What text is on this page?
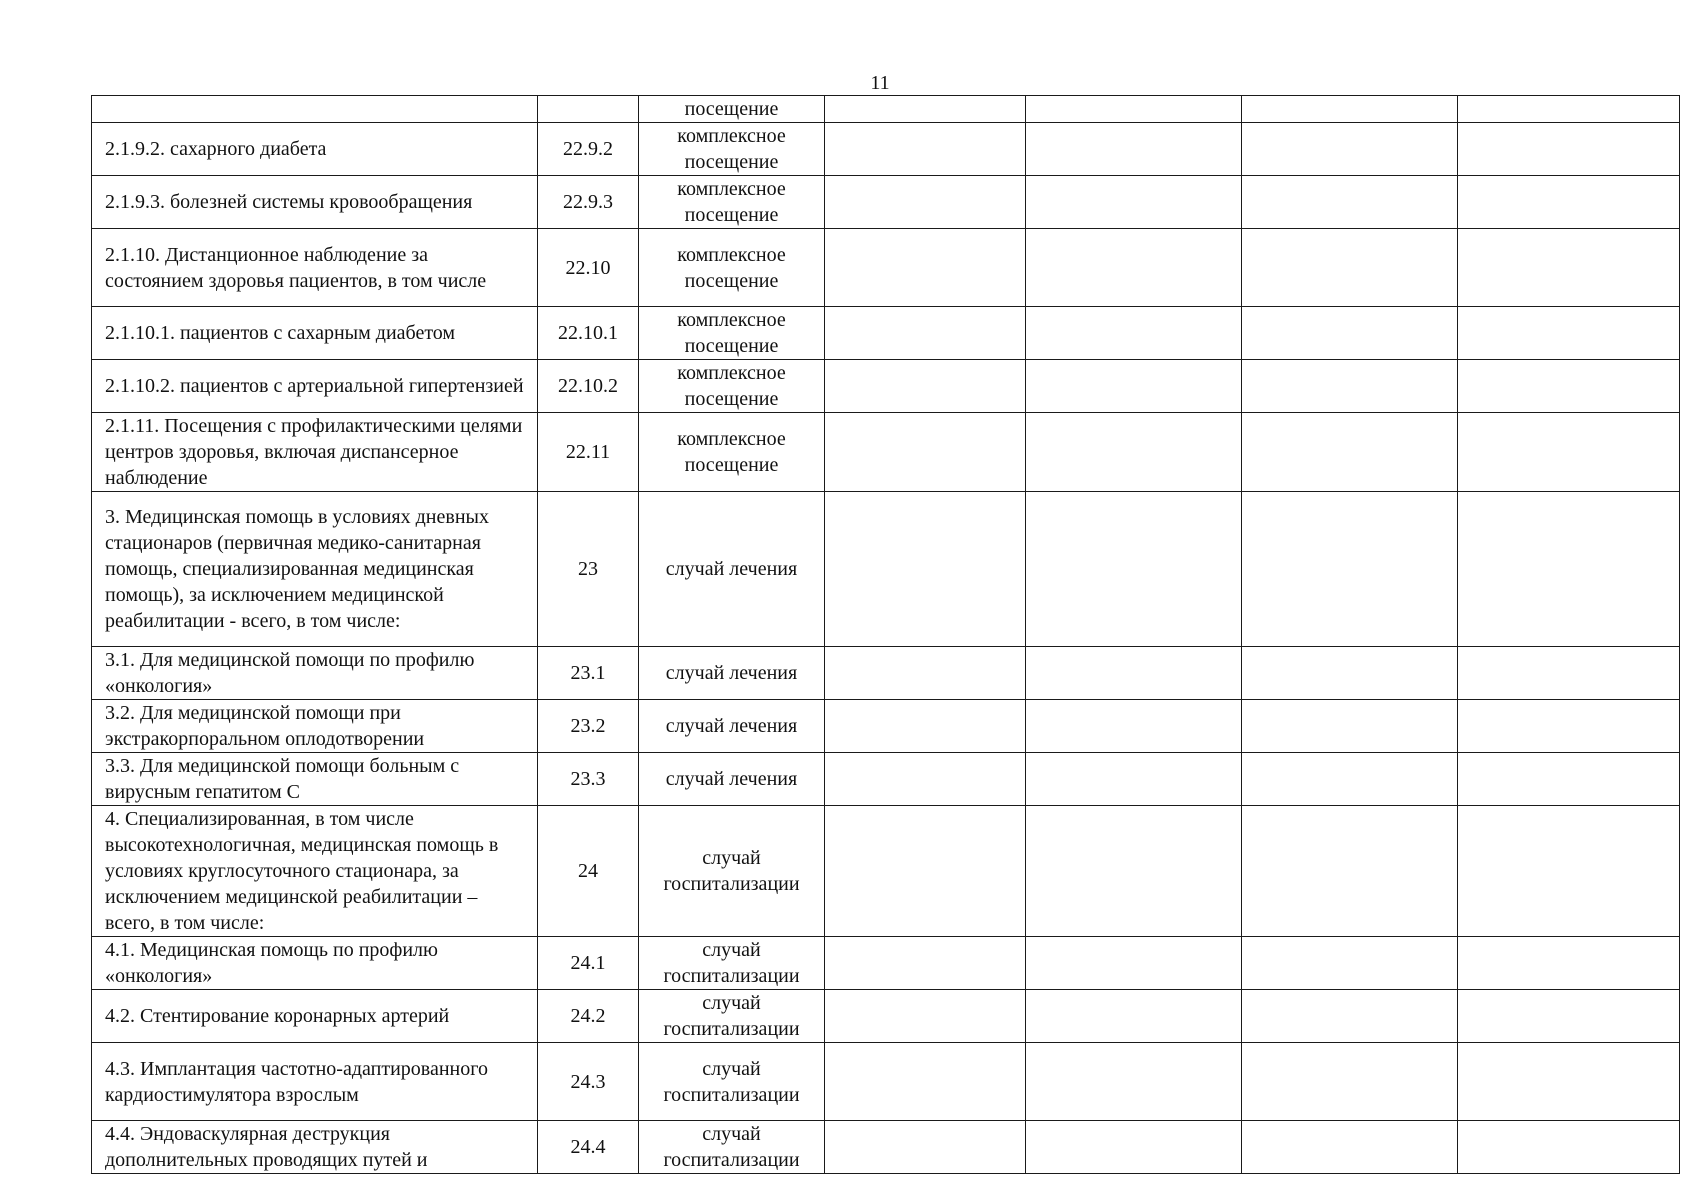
11
		посещение				
2.1.9.2. сахарного диабета	22.9.2	комплексное посещение				
2.1.9.3. болезней системы кровообращения	22.9.3	комплексное посещение				
2.1.10. Дистанционное наблюдение за состоянием здоровья пациентов, в том числе	22.10	комплексное посещение				
2.1.10.1. пациентов с сахарным диабетом	22.10.1	комплексное посещение				
2.1.10.2. пациентов с артериальной гипертензией	22.10.2	комплексное посещение				
2.1.11. Посещения с профилактическими целями центров здоровья, включая диспансерное наблюдение	22.11	комплексное посещение				
3. Медицинская помощь в условиях дневных стационаров (первичная медико-санитарная помощь, специализированная медицинская помощь), за исключением медицинской реабилитации - всего, в том числе:	23	случай лечения				
3.1. Для медицинской помощи по профилю «онкология»	23.1	случай лечения				
3.2. Для медицинской помощи при экстракорпоральном оплодотворении	23.2	случай лечения				
3.3. Для медицинской помощи больным с вирусным гепатитом С	23.3	случай лечения				
4. Специализированная, в том числе высокотехнологичная, медицинская помощь в условиях круглосуточного стационара, за исключением медицинской реабилитации – всего, в том числе:	24	случай госпитализации				
4.1. Медицинская помощь по профилю «онкология»	24.1	случай госпитализации				
4.2. Стентирование коронарных артерий	24.2	случай госпитализации				
4.3. Имплантация частотно-адаптированного кардиостимулятора взрослым	24.3	случай госпитализации				
4.4. Эндоваскулярная деструкция дополнительных проводящих путей и	24.4	случай госпитализации				
